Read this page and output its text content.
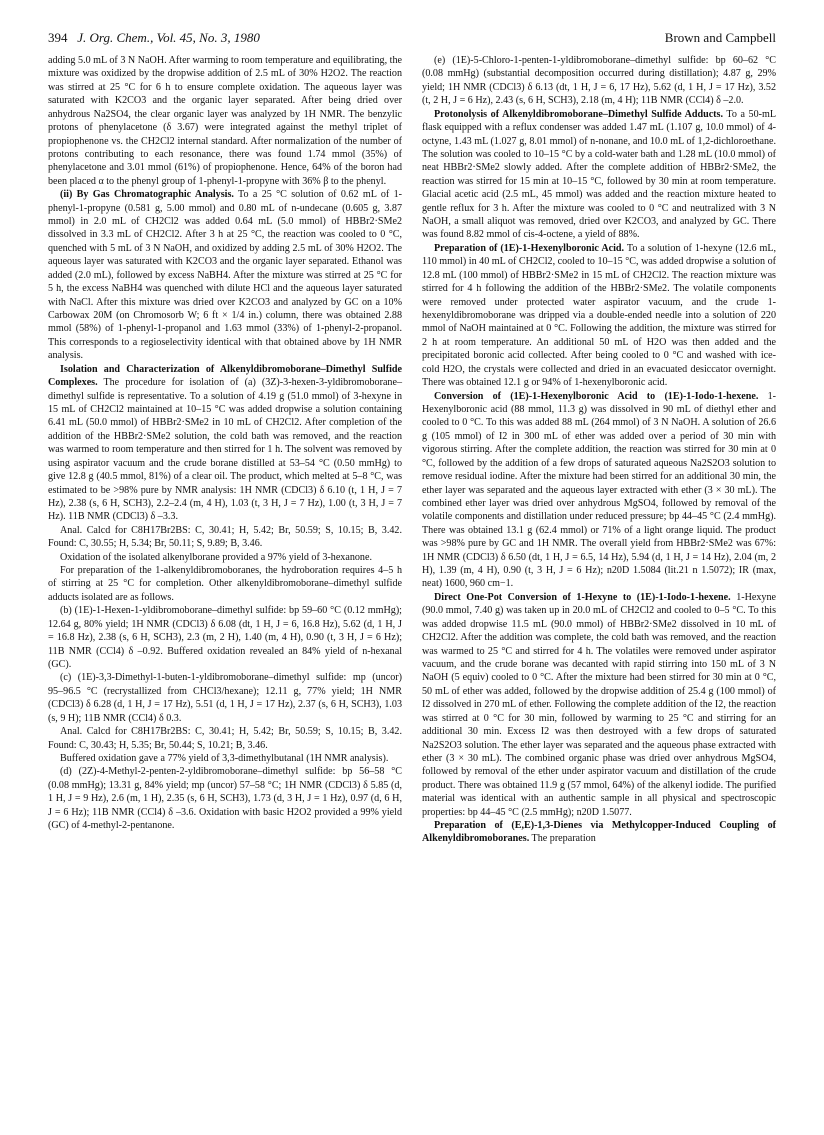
394 J. Org. Chem., Vol. 45, No. 3, 1980	Brown and Campbell

adding 5.0 mL of 3 N NaOH. After warming to room temperature and equilibrating, the mixture was oxidized by the dropwise addition of 2.5 mL of 30% H2O2. The reaction was stirred at 25 °C for 6 h to ensure complete oxidation. The aqueous layer was saturated with K2CO3 and the organic layer separated. After being dried over anhydrous Na2SO4, the clear organic layer was analyzed by 1H NMR. The benzylic protons of phenylacetone (δ 3.67) were integrated against the methyl triplet of propiophenone vs. the CH2Cl2 internal standard. After normalization of the number of protons contributing to each resonance, there was found 1.74 mmol (35%) of phenylacetone and 3.01 mmol (61%) of propiophenone. Hence, 64% of the boron had been placed α to the phenyl group of 1-phenyl-1-propyne with 36% β to the phenyl.

(ii) By Gas Chromatographic Analysis. To a 25 °C solution of 0.62 mL of 1-phenyl-1-propyne (0.581 g, 5.00 mmol) and 0.80 mL of n-undecane (0.605 g, 3.87 mmol) in 2.0 mL of CH2Cl2 was added 0.64 mL (5.0 mmol) of HBBr2·SMe2 dissolved in 3.3 mL of CH2Cl2. After 3 h at 25 °C, the reaction was cooled to 0 °C, quenched with 5 mL of 3 N NaOH, and oxidized by adding 2.5 mL of 30% H2O2. The aqueous layer was saturated with K2CO3 and the organic layer separated. Ethanol was added (2.0 mL), followed by excess NaBH4. After the mixture was stirred at 25 °C for 5 h, the excess NaBH4 was quenched with dilute HCl and the aqueous layer saturated with NaCl. After this mixture was dried over K2CO3 and analyzed by GC on a 10% Carbowax 20M (on Chromosorb W; 6 ft × 1/4 in.) column, there was obtained 2.88 mmol (58%) of 1-phenyl-1-propanol and 1.63 mmol (33%) of 1-phenyl-2-propanol. This corresponds to a regioselectivity identical with that obtained above by 1H NMR analysis.

Isolation and Characterization of Alkenyldibromoborane–Dimethyl Sulfide Complexes. The procedure for isolation of (a) (3Z)-3-hexen-3-yldibromoborane–dimethyl sulfide is representative. To a solution of 4.19 g (51.0 mmol) of 3-hexyne in 15 mL of CH2Cl2 maintained at 10–15 °C was added dropwise a solution containing 6.41 mL (50.0 mmol) of HBBr2·SMe2 in 10 mL of CH2Cl2. After completion of the addition of the HBBr2·SMe2 solution, the cold bath was removed, and the reaction was warmed to room temperature and then stirred for 1 h. The solvent was removed by using aspirator vacuum and the crude borane distilled at 53–54 °C (0.50 mmHg) to give 12.8 g (40.5 mmol, 81%) of a clear oil. The product, which melted at 5–8 °C, was estimated to be >98% pure by NMR analysis: 1H NMR (CDCl3) δ 6.10 (t, 1 H, J = 7 Hz), 2.38 (s, 6 H, SCH3), 2.2–2.4 (m, 4 H), 1.03 (t, 3 H, J = 7 Hz), 1.00 (t, 3 H, J = 7 Hz). 11B NMR (CDCl3) δ –3.3.

Anal. Calcd for C8H17Br2BS: C, 30.41; H, 5.42; Br, 50.59; S, 10.15; B, 3.42. Found: C, 30.55; H, 5.34; Br, 50.11; S, 9.89; B, 3.46.

Oxidation of the isolated alkenylborane provided a 97% yield of 3-hexanone.

For preparation of the 1-alkenyldibromoboranes, the hydroboration requires 4–5 h of stirring at 25 °C for completion. Other alkenyldibromoborane–dimethyl sulfide adducts isolated are as follows.

(b) (1E)-1-Hexen-1-yldibromoborane–dimethyl sulfide: bp 59–60 °C (0.12 mmHg); 12.64 g, 80% yield; 1H NMR (CDCl3) δ 6.08 (dt, 1 H, J = 6, 16.8 Hz), 5.62 (d, 1 H, J = 16.8 Hz), 2.38 (s, 6 H, SCH3), 2.3 (m, 2 H), 1.40 (m, 4 H), 0.90 (t, 3 H, J = 6 Hz); 11B NMR (CCl4) δ –0.92. Buffered oxidation revealed an 84% yield of n-hexanal (GC).

(c) (1E)-3,3-Dimethyl-1-buten-1-yldibromoborane–dimethyl sulfide: mp (uncor) 95–96.5 °C (recrystallized from CHCl3/hexane); 12.11 g, 77% yield; 1H NMR (CDCl3) δ 6.28 (d, 1 H, J = 17 Hz), 5.51 (d, 1 H, J = 17 Hz), 2.37 (s, 6 H, SCH3), 1.03 (s, 9 H); 11B NMR (CCl4) δ 0.3.

Anal. Calcd for C8H17Br2BS: C, 30.41; H, 5.42; Br, 50.59; S, 10.15; B, 3.42. Found: C, 30.43; H, 5.35; Br, 50.44; S, 10.21; B, 3.46.

Buffered oxidation gave a 77% yield of 3,3-dimethylbutanal (1H NMR analysis).

(d) (2Z)-4-Methyl-2-penten-2-yldibromoborane–dimethyl sulfide: bp 56–58 °C (0.08 mmHg); 13.31 g, 84% yield; mp (uncor) 57–58 °C; 1H NMR (CDCl3) δ 5.85 (d, 1 H, J = 9 Hz), 2.6 (m, 1 H), 2.35 (s, 6 H, SCH3), 1.73 (d, 3 H, J = 1 Hz), 0.97 (d, 6 H, J = 6 Hz); 11B NMR (CCl4) δ –3.6. Oxidation with basic H2O2 provided a 99% yield (GC) of 4-methyl-2-pentanone.

(e) (1E)-5-Chloro-1-penten-1-yldibromoborane–dimethyl sulfide: bp 60–62 °C (0.08 mmHg) (substantial decomposition occurred during distillation); 4.87 g, 29% yield; 1H NMR (CDCl3) δ 6.13 (dt, 1 H, J = 6, 17 Hz), 5.62 (d, 1 H, J = 17 Hz), 3.52 (t, 2 H, J = 6 Hz), 2.43 (s, 6 H, SCH3), 2.18 (m, 4 H); 11B NMR (CCl4) δ –2.0.

Protonolysis of Alkenyldibromoborane–Dimethyl Sulfide Adducts. To a 50-mL flask equipped with a reflux condenser was added 1.47 mL (1.107 g, 10.0 mmol) of 4-octyne, 1.43 mL (1.027 g, 8.01 mmol) of n-nonane, and 10.0 mL of 1,2-dichloroethane. The solution was cooled to 10–15 °C by a cold-water bath and 1.28 mL (10.0 mmol) of neat HBBr2·SMe2 slowly added. After the complete addition of HBBr2·SMe2, the reaction was stirred for 15 min at 10–15 °C, followed by 30 min at room temperature. Glacial acetic acid (2.5 mL, 45 mmol) was added and the reaction mixture heated to gentle reflux for 3 h. After the mixture was cooled to 0 °C and neutralized with 3 N NaOH, a small aliquot was removed, dried over K2CO3, and analyzed by GC. There was found 8.82 mmol of cis-4-octene, a yield of 88%.

Preparation of (1E)-1-Hexenylboronic Acid. To a solution of 1-hexyne (12.6 mL, 110 mmol) in 40 mL of CH2Cl2, cooled to 10–15 °C, was added dropwise a solution of 12.8 mL (100 mmol) of HBBr2·SMe2 in 15 mL of CH2Cl2. The reaction mixture was stirred for 4 h following the addition of the HBBr2·SMe2. The volatile components were removed under protected water aspirator vacuum, and the crude 1-hexenyldibromoborane was dripped via a double-ended needle into a solution of 220 mmol of NaOH maintained at 0 °C. Following the addition, the mixture was stirred for 2 h at room temperature. An additional 50 mL of H2O was then added and the precipitated boronic acid collected. After being cooled to 0 °C and washed with ice-cold H2O, the crystals were collected and dried in an evacuated desiccator overnight. There was obtained 12.1 g or 94% of 1-hexenylboronic acid.

Conversion of (1E)-1-Hexenylboronic Acid to (1E)-1-Iodo-1-hexene. 1-Hexenylboronic acid (88 mmol, 11.3 g) was dissolved in 90 mL of diethyl ether and cooled to 0 °C. To this was added 88 mL (264 mmol) of 3 N NaOH. A solution of 26.6 g (105 mmol) of I2 in 300 mL of ether was added over a period of 30 min with vigorous stirring. After the complete addition, the reaction was stirred for 30 min at 0 °C, followed by the addition of a few drops of saturated aqueous Na2S2O3 solution to remove residual iodine. After the mixture had been stirred for an additional 30 min, the ether layer was separated and the aqueous layer extracted with ether (3 × 30 mL). The combined ether layer was dried over anhydrous MgSO4, followed by removal of the volatile components and distillation under reduced pressure; bp 44–45 °C (2.4 mmHg). There was obtained 13.1 g (62.4 mmol) or 71% of a light orange liquid. The product was >98% pure by GC and 1H NMR. The overall yield from HBBr2·SMe2 was 67%: 1H NMR (CDCl3) δ 6.50 (dt, 1 H, J = 6.5, 14 Hz), 5.94 (d, 1 H, J = 14 Hz), 2.04 (m, 2 H), 1.39 (m, 4 H), 0.90 (t, 3 H, J = 6 Hz); n20D 1.5084 (lit.21 n 1.5072); IR (max, neat) 1600, 960 cm−1.

Direct One-Pot Conversion of 1-Hexyne to (1E)-1-Iodo-1-hexene. 1-Hexyne (90.0 mmol, 7.40 g) was taken up in 20.0 mL of CH2Cl2 and cooled to 0–5 °C. To this was added dropwise 11.5 mL (90.0 mmol) of HBBr2·SMe2 dissolved in 10 mL of CH2Cl2. After the addition was complete, the cold bath was removed, and the reaction was warmed to 25 °C and stirred for 4 h. The volatiles were removed under aspirator vacuum, and the crude borane was decanted with rapid stirring into 150 mL of 3 N NaOH (5 equiv) cooled to 0 °C. After the mixture had been stirred for 30 min at 0 °C, 50 mL of ether was added, followed by the dropwise addition of 25.4 g (100 mmol) of I2 dissolved in 270 mL of ether. Following the complete addition of the I2, the reaction was stirred at 0 °C for 30 min, followed by warming to 25 °C and stirring for an additional 30 min. Excess I2 was then destroyed with a few drops of saturated Na2S2O3 solution. The ether layer was separated and the aqueous phase extracted with ether (3 × 30 mL). The combined organic phase was dried over anhydrous MgSO4, followed by removal of the ether under aspirator vacuum and distillation of the crude product. There was obtained 11.9 g (57 mmol, 64%) of the alkenyl iodide. The purified material was identical with an authentic sample in all physical and spectroscopic properties: bp 44–45 °C (2.5 mmHg); n20D 1.5077.

Preparation of (E,E)-1,3-Dienes via Methylcopper-Induced Coupling of Alkenyldibromoboranes. The preparation
